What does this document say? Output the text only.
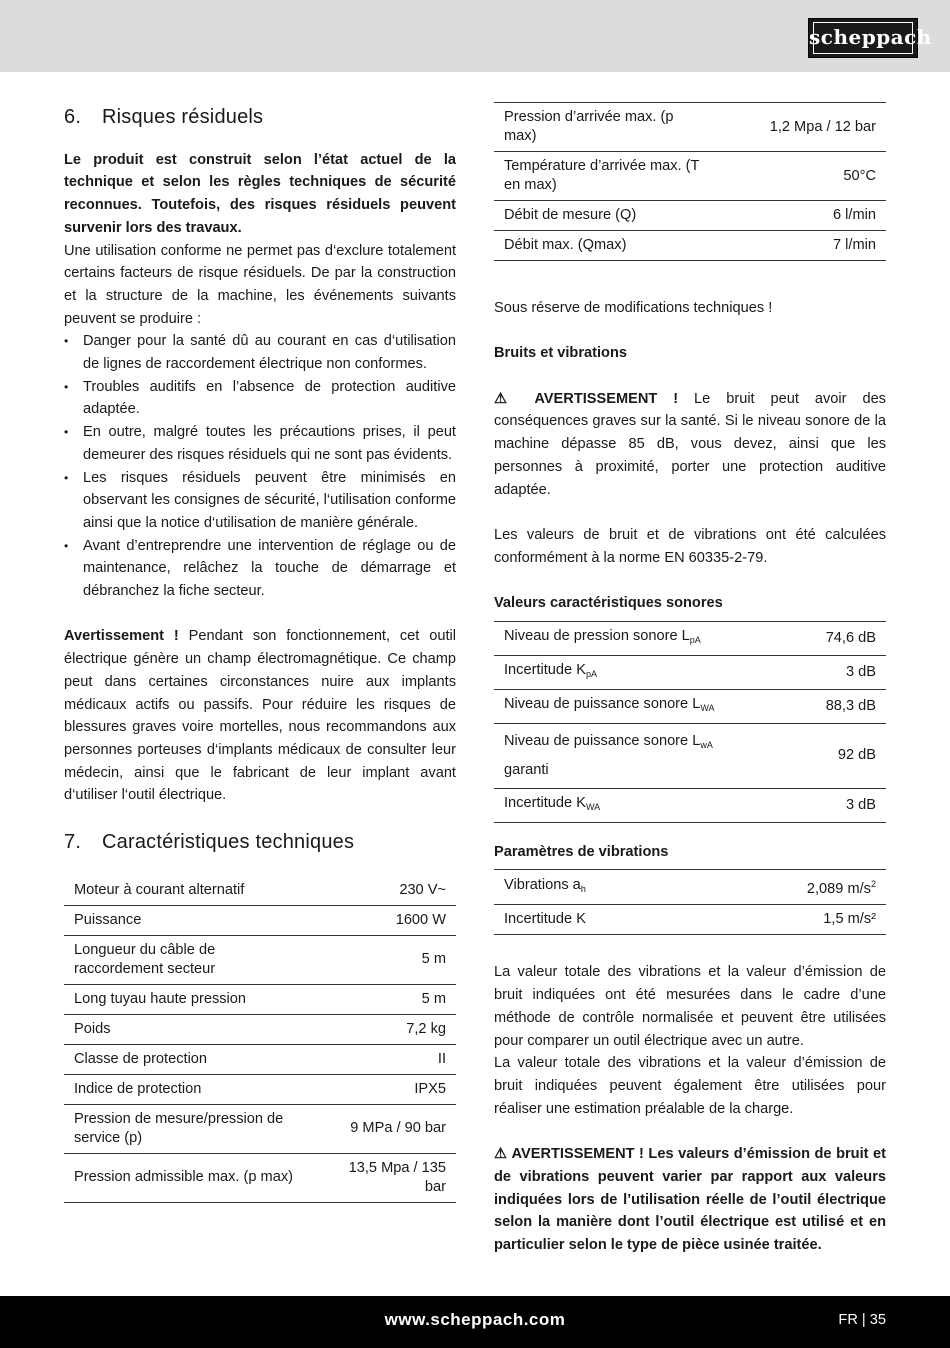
scheppach
6. Risques résiduels

Le produit est construit selon l’état actuel de la technique et selon les règles techniques de sécurité reconnues. Toutefois, des risques résiduels peuvent survenir lors des travaux.

Une utilisation conforme ne permet pas d‘exclure totalement certains facteurs de risque résiduels. De par la construction et la structure de la machine, les événements suivants peuvent se produire :

• Danger pour la santé dû au courant en cas d‘utilisation de lignes de raccordement électrique non conformes.
• Troubles auditifs en l’absence de protection auditive adaptée.
• En outre, malgré toutes les précautions prises, il peut demeurer des risques résiduels qui ne sont pas évidents.
• Les risques résiduels peuvent être minimisés en observant les consignes de sécurité, l‘utilisation conforme ainsi que la notice d‘utilisation de manière générale.
• Avant d’entreprendre une intervention de réglage ou de maintenance, relâchez la touche de démarrage et débranchez la fiche secteur.

Avertissement ! Pendant son fonctionnement, cet outil électrique génère un champ électromagnétique. Ce champ peut dans certaines circonstances nuire aux implants médicaux actifs ou passifs. Pour réduire les risques de blessures graves voire mortelles, nous recommandons aux personnes porteuses d‘implants médicaux de consulter leur médecin, ainsi que le fabricant de leur implant avant d‘utiliser l‘outil électrique.

7. Caractéristiques techniques
Moteur à courant alternatif	230 V~
Puissance	1600 W
Longueur du câble de raccordement secteur	5 m
Long tuyau haute pression	5 m
Poids	7,2 kg
Classe de protection	II
Indice de protection	IPX5
Pression de mesure/pression de service (p)	9 MPa / 90 bar
Pression admissible max. (p max)	13,5 Mpa / 135 bar
Pression d’arrivée max. (p max)	1,2 Mpa / 12 bar
Température d’arrivée max. (T en max)	50°C
Débit de mesure (Q)	6 l/min
Débit max. (Qmax)	7 l/min

Sous réserve de modifications techniques !

Bruits et vibrations

⚠ AVERTISSEMENT ! Le bruit peut avoir des conséquences graves sur la santé. Si le niveau sonore de la machine dépasse 85 dB, vous devez, ainsi que les personnes à proximité, porter une protection auditive adaptée.

Les valeurs de bruit et de vibrations ont été calculées conformément à la norme EN 60335-2-79.

Valeurs caractéristiques sonores

Niveau de pression sonore $L_{pA}$	74,6 dB
Incertitude $K_{pA}$	3 dB
Niveau de puissance sonore $L_{WA}$	88,3 dB
Niveau de puissance sonore $L_{wA}$
garanti	92 dB
Incertitude $K_{WA}$	3 dB

Paramètres de vibrations

Vibrations $a_h$	2,089 $m/s^2$
Incertitude K	1,5 m/s²

La valeur totale des vibrations et la valeur d’émission de bruit indiquées ont été mesurées dans le cadre d’une méthode de contrôle normalisée et peuvent être utilisées pour comparer un outil électrique avec un autre.

La valeur totale des vibrations et la valeur d’émission de bruit indiquées peuvent également être utilisées pour réaliser une estimation préalable de la charge.

⚠ AVERTISSEMENT ! Les valeurs d’émission de bruit et de vibrations peuvent varier par rapport aux valeurs indiquées lors de l’utilisation réelle de l’outil électrique selon la manière dont l’outil électrique est utilisé et en particulier selon le type de pièce usinée traitée.

www.scheppach.com	FR | 35
